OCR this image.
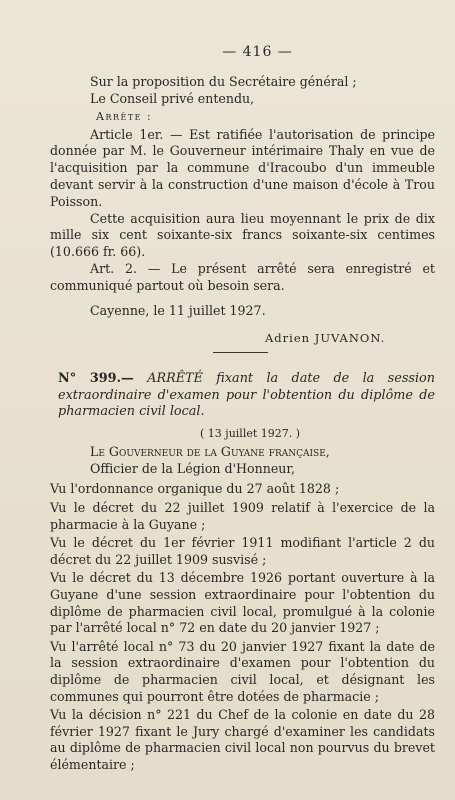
— 416 —

Sur la proposition du Secrétaire général ;

Le Conseil privé entendu,

Arrête :

Article 1er. — Est ratifiée l'autorisation de principe donnée par M. le Gouverneur intérimaire Thaly en vue de l'acquisition par la commune d'Iracoubo d'un immeuble devant servir à la construction d'une maison d'école à Trou Poisson.

Cette acquisition aura lieu moyennant le prix de dix mille six cent soixante-six francs soixante-six centimes (10.666 fr. 66).

Art. 2. — Le présent arrêté sera enregistré et communiqué partout où besoin sera.

Cayenne, le 11 juillet 1927.

Adrien JUVANON.

N° 399.— ARRÊTÉ fixant la date de la session extraordinaire d'examen pour l'obtention du diplôme de pharmacien civil local.

( 13 juillet 1927. )

Le Gouverneur de la Guyane française,

Officier de la Légion d'Honneur,

Vu l'ordonnance organique du 27 août 1828 ;

Vu le décret du 22 juillet 1909 relatif à l'exercice de la pharmacie à la Guyane ;

Vu le décret du 1er février 1911 modifiant l'article 2 du décret du 22 juillet 1909 susvisé ;

Vu le décret du 13 décembre 1926 portant ouverture à la Guyane d'une session extraordinaire pour l'obtention du diplôme de pharmacien civil local, promulgué à la colonie par l'arrêté local n° 72 en date du 20 janvier 1927 ;

Vu l'arrêté local n° 73 du 20 janvier 1927 fixant la date de la session extraordinaire d'examen pour l'obtention du diplôme de pharmacien civil local, et désignant les communes qui pourront être dotées de pharmacie ;

Vu la décision n° 221 du Chef de la colonie en date du 28 février 1927 fixant le Jury chargé d'examiner les candidats au diplôme de pharmacien civil local non pourvus du brevet élémentaire ;
